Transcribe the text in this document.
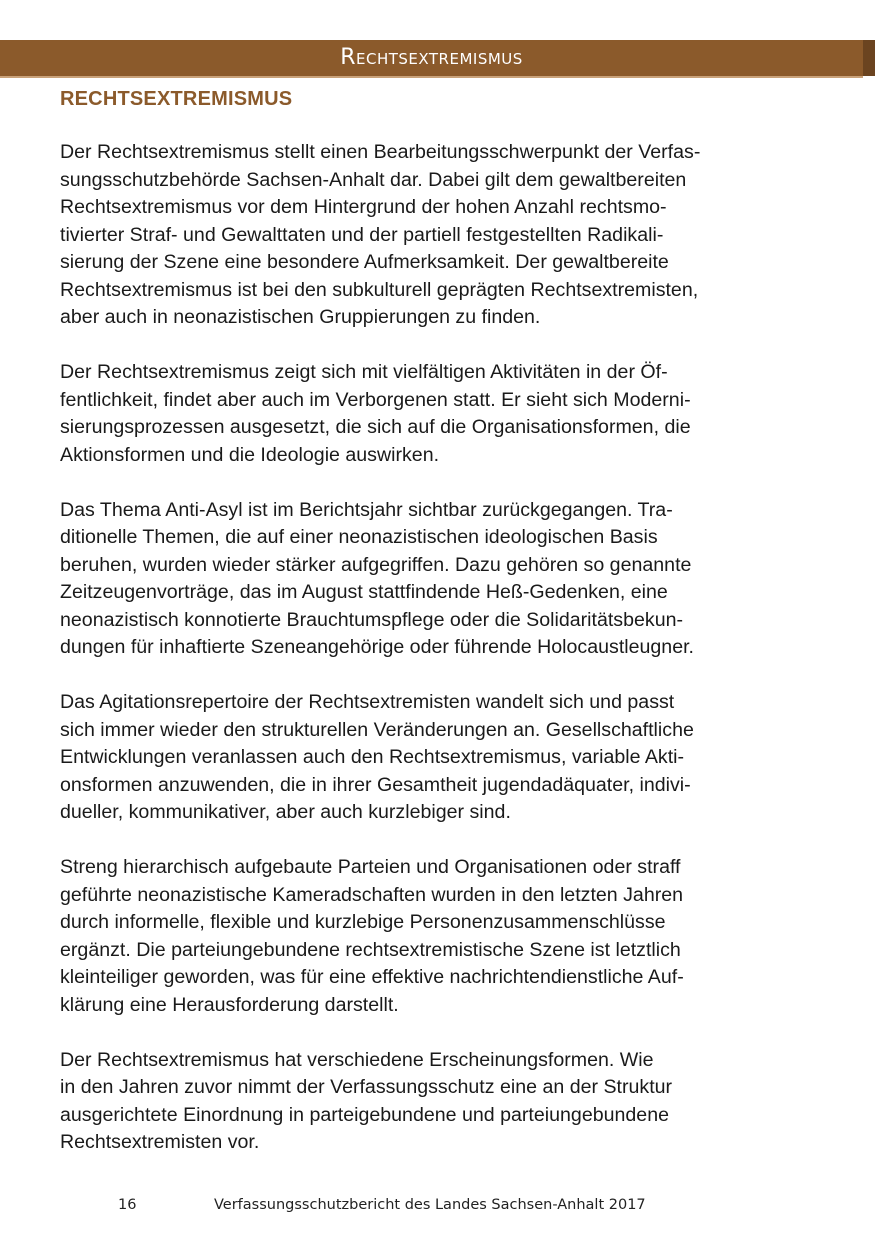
Rechtsextremismus
RECHTSEXTREMISMUS

Der Rechtsextremismus stellt einen Bearbeitungsschwerpunkt der Verfas-
sungsschutzbehörde Sachsen-Anhalt dar. Dabei gilt dem gewaltbereiten
Rechtsextremismus vor dem Hintergrund der hohen Anzahl rechtsmo-
tivierter Straf- und Gewalttaten und der partiell festgestellten Radikali-
sierung der Szene eine besondere Aufmerksamkeit. Der gewaltbereite
Rechtsextremismus ist bei den subkulturell geprägten Rechtsextremisten,
aber auch in neonazistischen Gruppierungen zu finden.

Der Rechtsextremismus zeigt sich mit vielfältigen Aktivitäten in der Öf-
fentlichkeit, findet aber auch im Verborgenen statt. Er sieht sich Moderni-
sierungsprozessen ausgesetzt, die sich auf die Organisationsformen, die
Aktionsformen und die Ideologie auswirken.

Das Thema Anti-Asyl ist im Berichtsjahr sichtbar zurückgegangen. Tra-
ditionelle Themen, die auf einer neonazistischen ideologischen Basis
beruhen, wurden wieder stärker aufgegriffen. Dazu gehören so genannte
Zeitzeugenvorträge, das im August stattfindende Heß-Gedenken, eine
neonazistisch konnotierte Brauchtumspflege oder die Solidaritätsbekun-
dungen für inhaftierte Szeneangehörige oder führende Holocaustleugner.

Das Agitationsrepertoire der Rechtsextremisten wandelt sich und passt
sich immer wieder den strukturellen Veränderungen an. Gesellschaftliche
Entwicklungen veranlassen auch den Rechtsextremismus, variable Akti-
onsformen anzuwenden, die in ihrer Gesamtheit jugendadäquater, indivi-
dueller, kommunikativer, aber auch kurzlebiger sind.

Streng hierarchisch aufgebaute Parteien und Organisationen oder straff
geführte neonazistische Kameradschaften wurden in den letzten Jahren
durch informelle, flexible und kurzlebige Personenzusammenschlüsse
ergänzt. Die parteiungebundene rechtsextremistische Szene ist letztlich
kleinteiliger geworden, was für eine effektive nachrichtendienstliche Auf-
klärung eine Herausforderung darstellt.

Der Rechtsextremismus hat verschiedene Erscheinungsformen. Wie
in den Jahren zuvor nimmt der Verfassungsschutz eine an der Struktur
ausgerichtete Einordnung in parteigebundene und parteiungebundene
Rechtsextremisten vor.

16	Verfassungsschutzbericht des Landes Sachsen-Anhalt 2017
